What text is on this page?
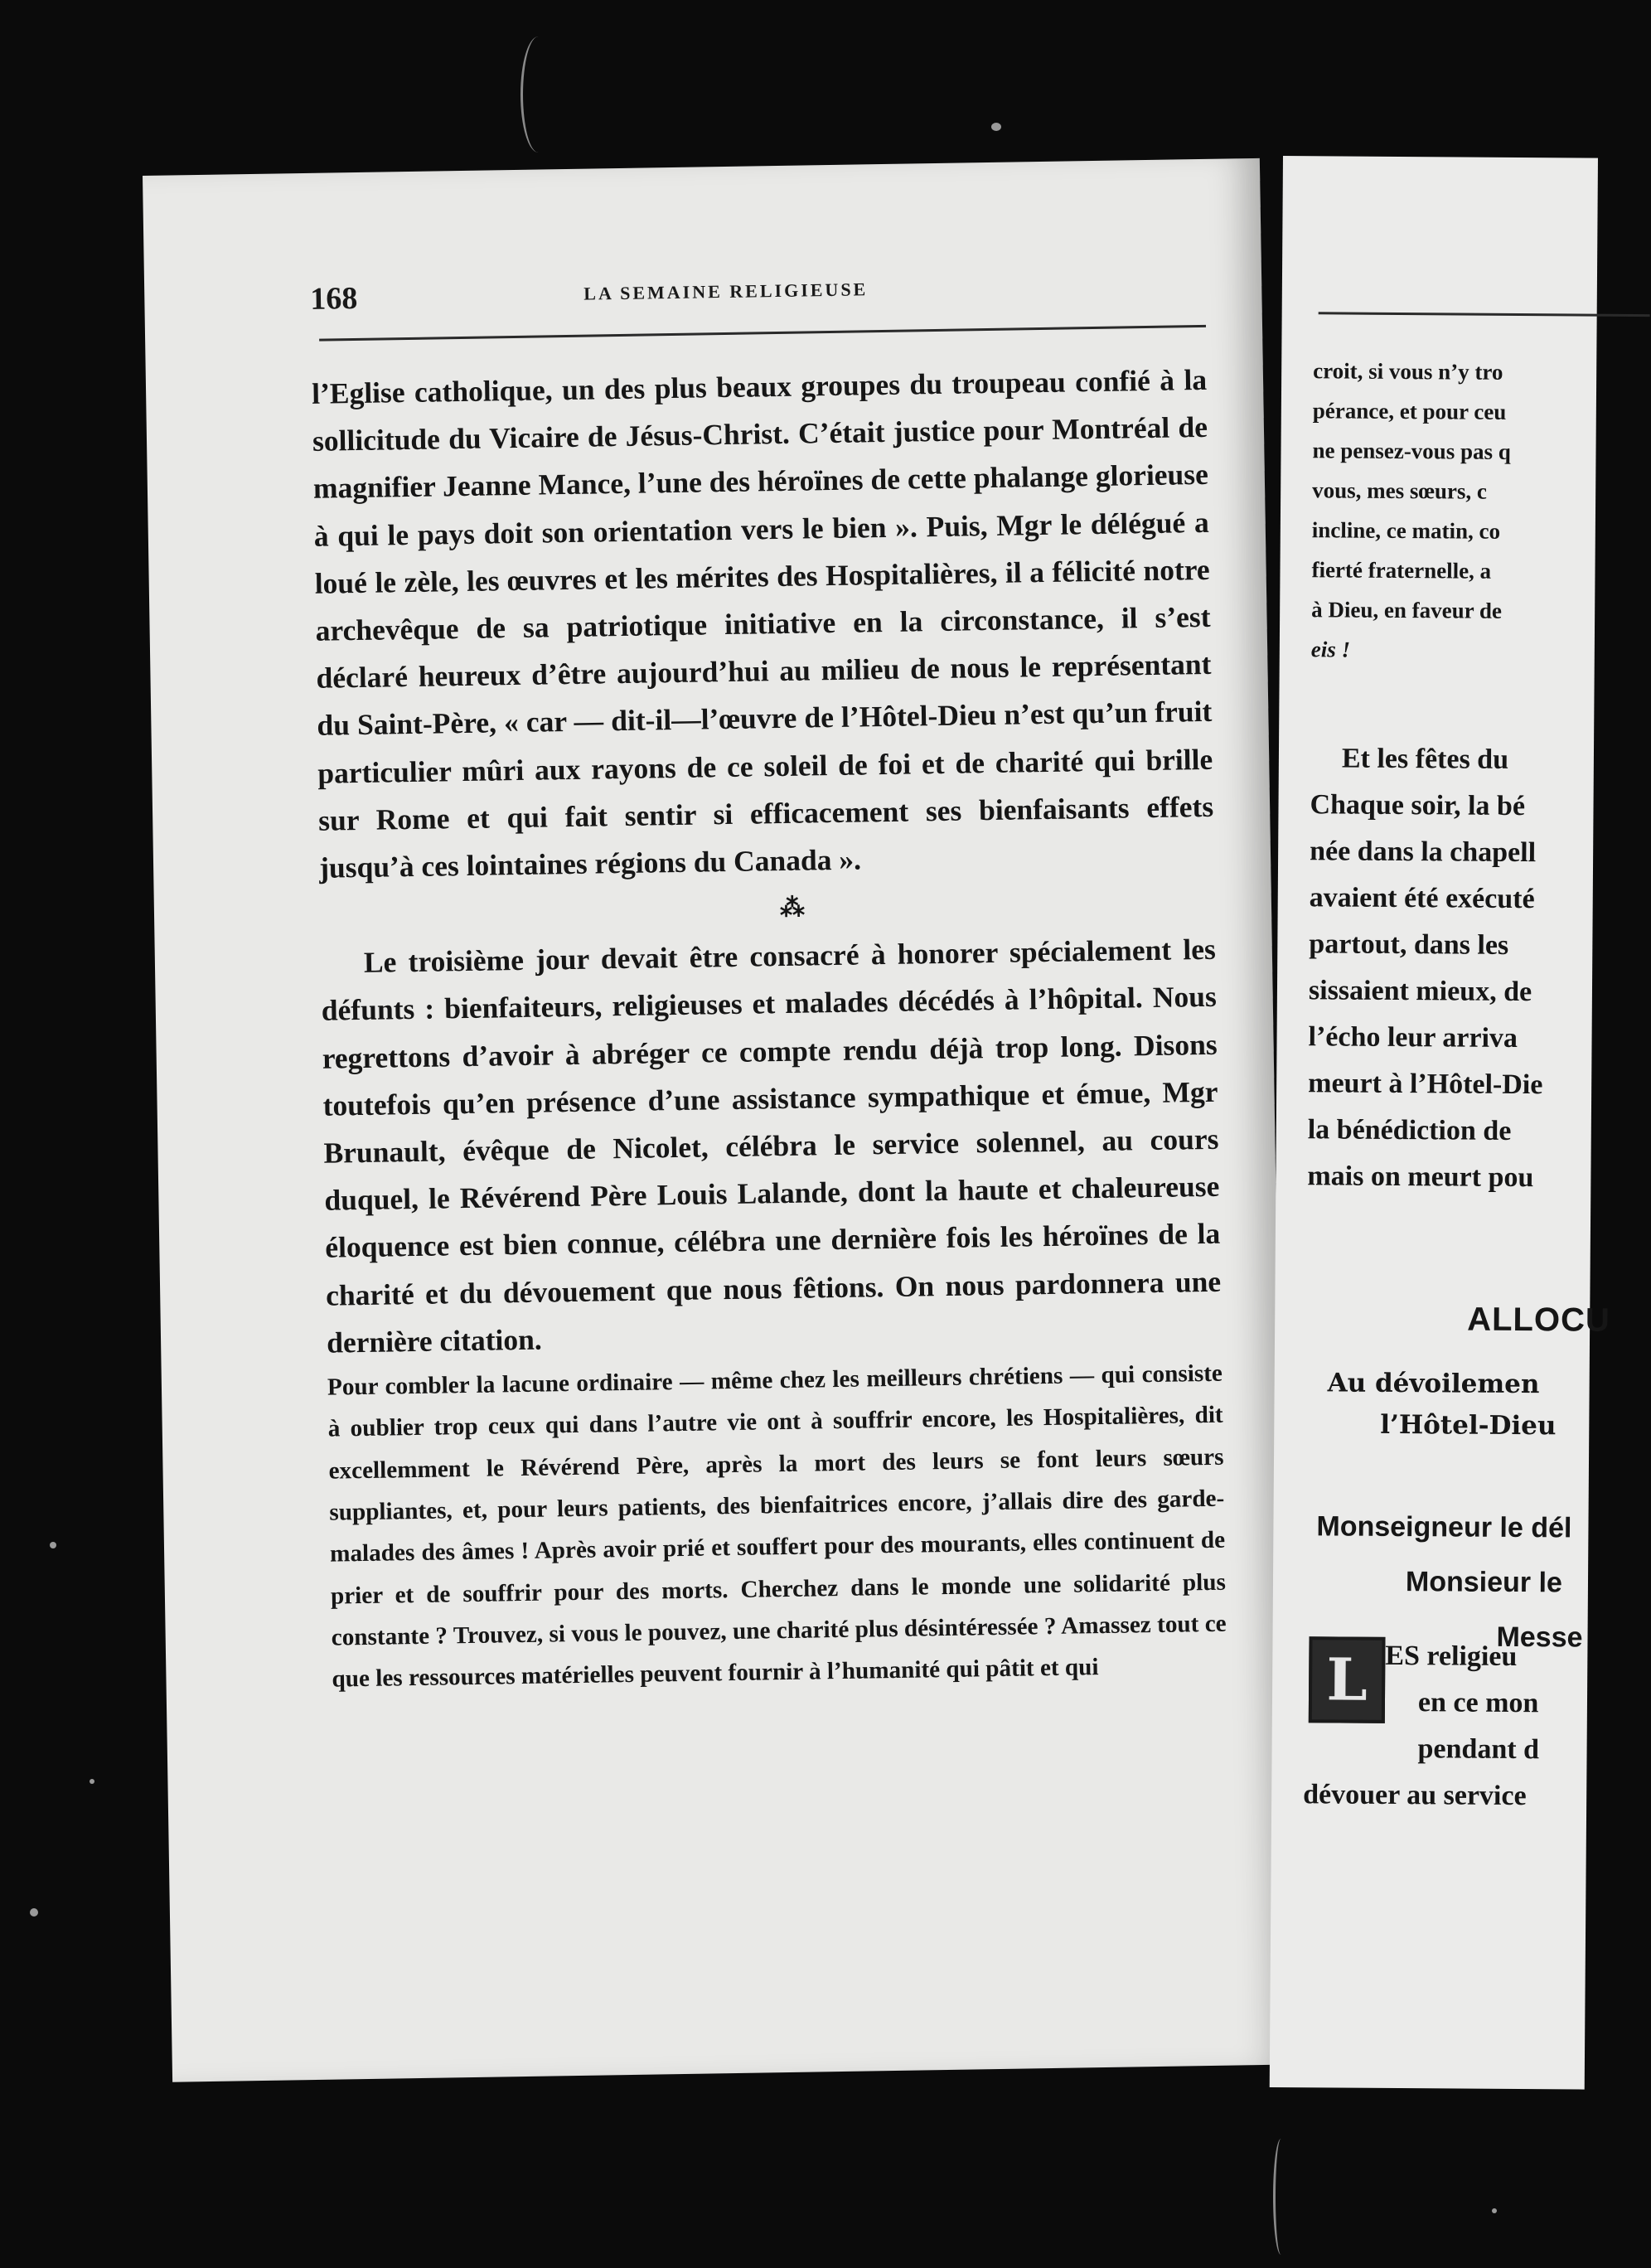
168	LA SEMAINE RELIGIEUSE

l’Eglise catholique, un des plus beaux groupes du troupeau confié à la sollicitude du Vicaire de Jésus-Christ. C’était justice pour Montréal de magnifier Jeanne Mance, l’une des héroïnes de cette phalange glorieuse à qui le pays doit son orientation vers le bien ». Puis, Mgr le délégué a loué le zèle, les œuvres et les mérites des Hospitalières, il a félicité notre archevêque de sa patriotique initiative en la circonstance, il s’est déclaré heureux d’être aujourd’hui au milieu de nous le représentant du Saint-Père, « car — dit-il—l’œuvre de l’Hôtel-Dieu n’est qu’un fruit particulier mûri aux rayons de ce soleil de foi et de charité qui brille sur Rome et qui fait sentir si efficacement ses bienfaisants effets jusqu’à ces lointaines régions du Canada ».

⁂

Le troisième jour devait être consacré à honorer spécialement les défunts : bienfaiteurs, religieuses et malades décédés à l’hôpital. Nous regrettons d’avoir à abréger ce compte rendu déjà trop long. Disons toutefois qu’en présence d’une assistance sympathique et émue, Mgr Brunault, évêque de Nicolet, célébra le service solennel, au cours duquel, le Révérend Père Louis Lalande, dont la haute et chaleureuse éloquence est bien connue, célébra une dernière fois les héroïnes de la charité et du dévouement que nous fêtions. On nous pardonnera une dernière citation.

Pour combler la lacune ordinaire — même chez les meilleurs chrétiens — qui consiste à oublier trop ceux qui dans l’autre vie ont à souffrir encore, les Hospitalières, dit excellemment le Révérend Père, après la mort des leurs se font leurs sœurs suppliantes, et, pour leurs patients, des bienfaitrices encore, j’allais dire des garde-malades des âmes ! Après avoir prié et souffert pour des mourants, elles continuent de prier et de souffrir pour des morts. Cherchez dans le monde une solidarité plus constante ? Trouvez, si vous le pouvez, une charité plus désintéressée ? Amassez tout ce que les ressources matérielles peuvent fournir à l’humanité qui pâtit et qui

croit, si vous n’y tro
pérance, et pour ceu
ne pensez-vous pas q
vous, mes sœurs, c
incline, ce matin, co
fierté fraternelle, a
à Dieu, en faveur de
eis !
Et les fêtes du
Chaque soir, la bé
née dans la chapell
avaient été exécuté
partout, dans les
sissaient mieux, de
l’écho leur arriva
meurt à l’Hôtel-Die
la bénédiction de
mais on meurt pou
ALLOCU
Au dévoilemen
l’Hôtel-Dieu
Monseigneur le dél
Monsieur le
Messe
L ES religieu
en ce mon
pendant d
dévouer au service
